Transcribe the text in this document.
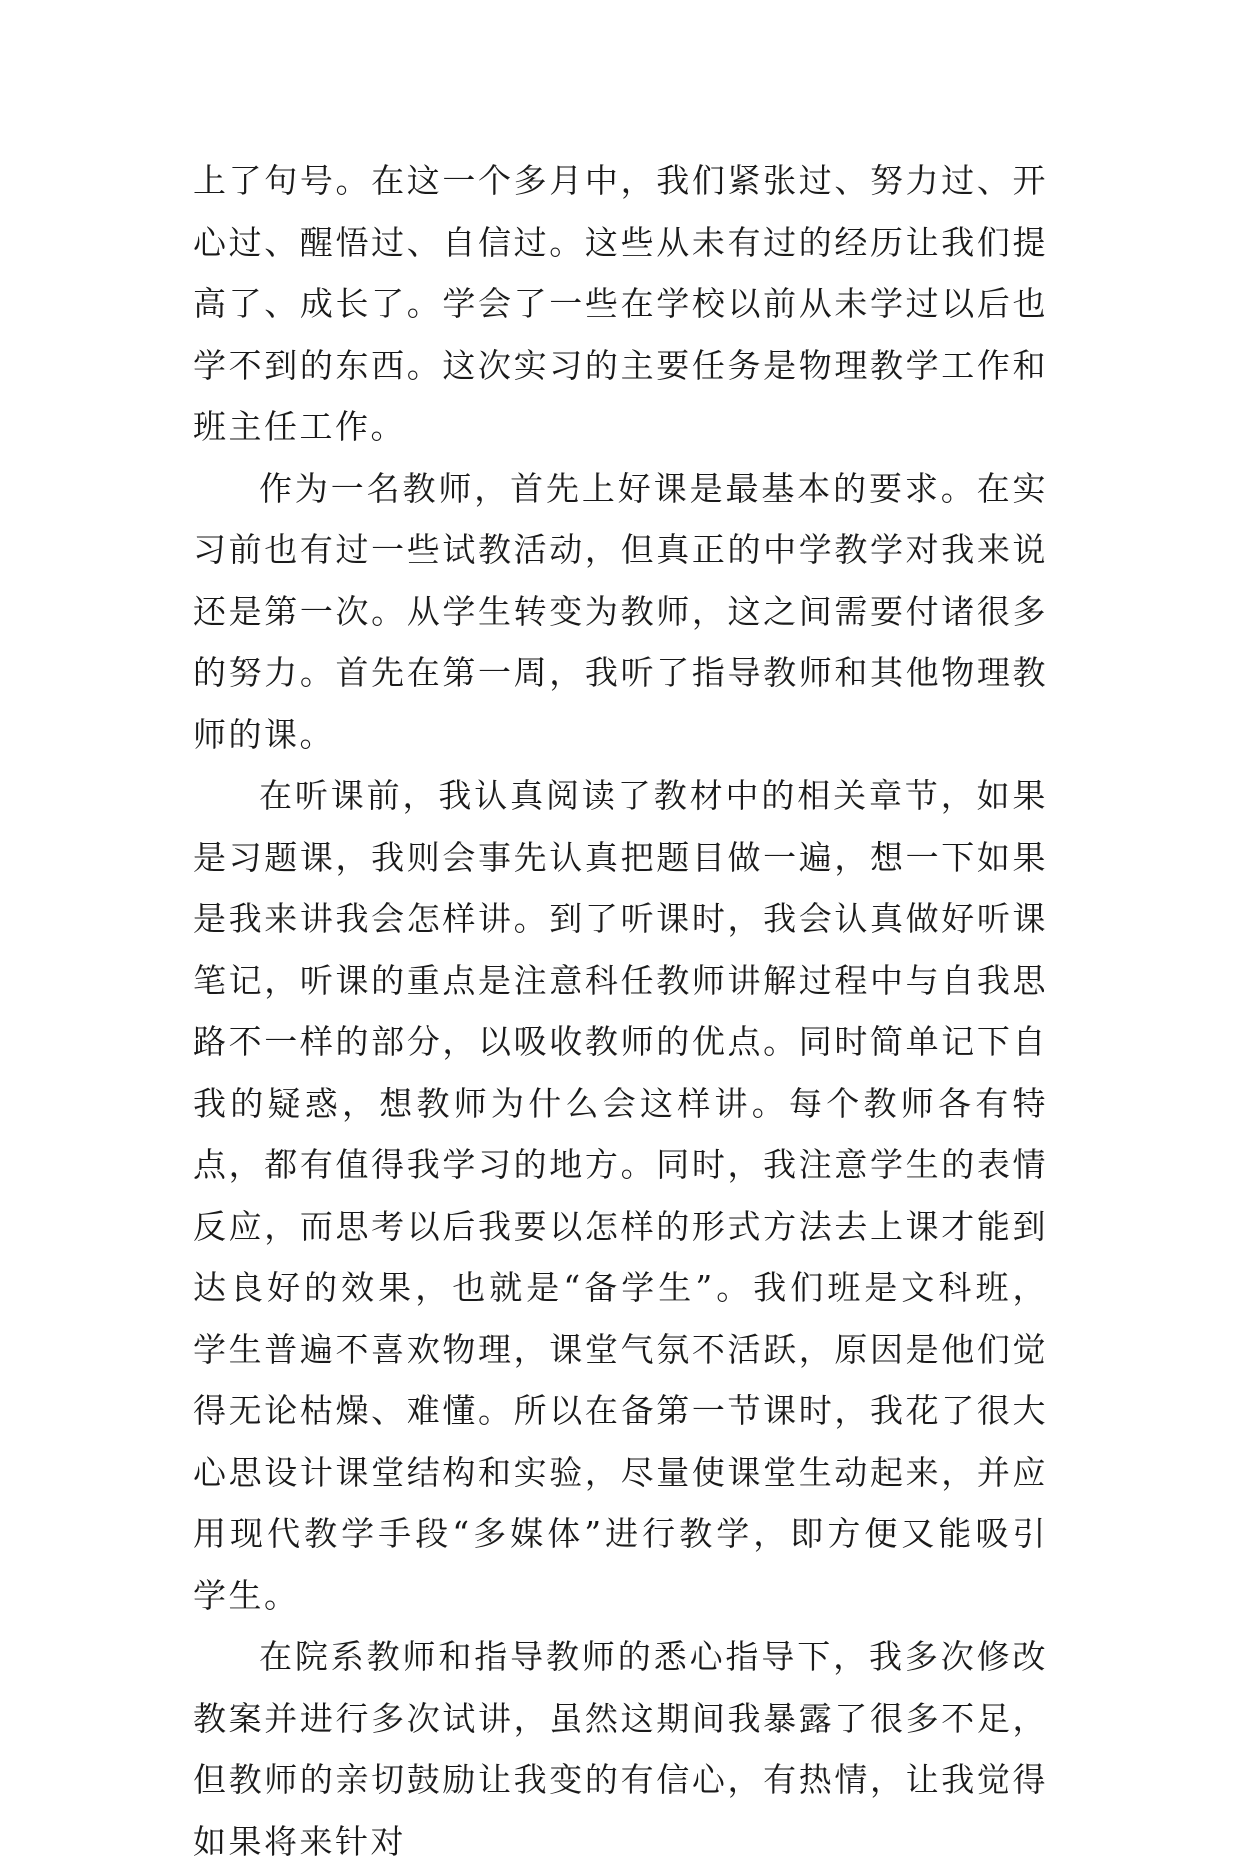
上了句号。在这一个多月中，我们紧张过、努力过、开心过、醒悟过、自信过。这些从未有过的经历让我们提高了、成长了。学会了一些在学校以前从未学过以后也学不到的东西。这次实习的主要任务是物理教学工作和班主任工作。

作为一名教师，首先上好课是最基本的要求。在实习前也有过一些试教活动，但真正的中学教学对我来说还是第一次。从学生转变为教师，这之间需要付诸很多的努力。首先在第一周，我听了指导教师和其他物理教师的课。

在听课前，我认真阅读了教材中的相关章节，如果是习题课，我则会事先认真把题目做一遍，想一下如果是我来讲我会怎样讲。到了听课时，我会认真做好听课笔记，听课的重点是注意科任教师讲解过程中与自我思路不一样的部分，以吸收教师的优点。同时简单记下自我的疑惑，想教师为什么会这样讲。每个教师各有特点，都有值得我学习的地方。同时，我注意学生的表情反应，而思考以后我要以怎样的形式方法去上课才能到达良好的效果，也就是“备学生”。我们班是文科班，学生普遍不喜欢物理，课堂气氛不活跃，原因是他们觉得无论枯燥、难懂。所以在备第一节课时，我花了很大心思设计课堂结构和实验，尽量使课堂生动起来，并应用现代教学手段“多媒体”进行教学，即方便又能吸引学生。

在院系教师和指导教师的悉心指导下，我多次修改教案并进行多次试讲，虽然这期间我暴露了很多不足，但教师的亲切鼓励让我变的有信心，有热情，让我觉得如果将来针对
